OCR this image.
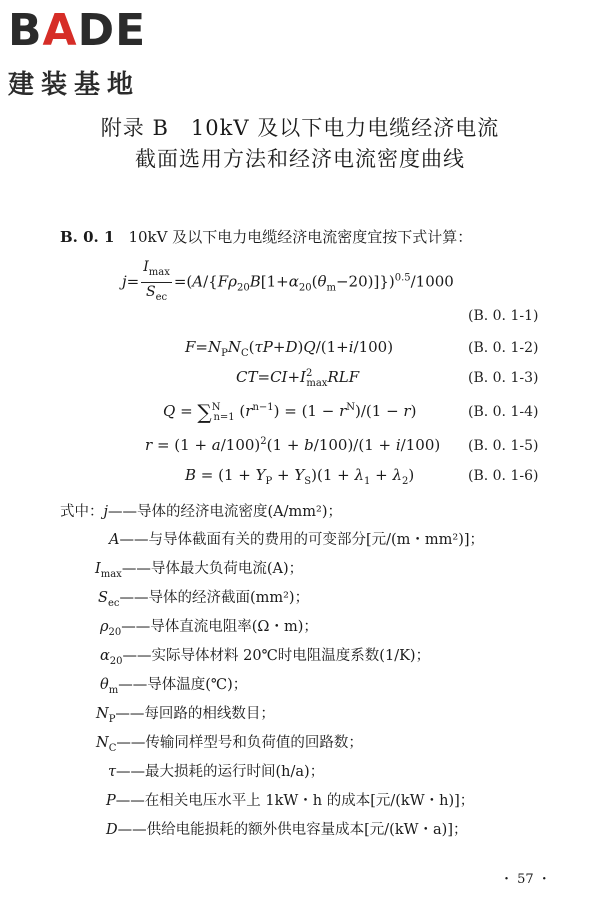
BADE
建装基地
附录 B　10kV 及以下电力电缆经济电流
截面选用方法和经济电流密度曲线
B. 0. 1 10kV 及以下电力电缆经济电流密度宜按下式计算：
$j= \frac{I_{max}}{S_{ec}} =(A/\{F\rho_{20}B[1+\alpha_{20}(\theta_m-20)]\})^{0.5}/1000$
(B. 0. 1-1)
$F=N_PN_C(\tau P+D)Q/(1+i/100)$	(B. 0. 1-2)
$CT=CI+I^2_{max}RLF$	(B. 0. 1-3)
Q = ∑$^N_{n=1}$ $(r^{n-1}) = (1 - r^N)/(1 - r)$	(B. 0. 1-4)
$r = (1 + a/100)^2(1 + b/100)/(1 + i/100)$ (B. 0. 1-5)
$B = (1 + Y_P + Y_S)(1 + \lambda_1 + \lambda_2)$	(B. 0. 1-6)
式中：j——导体的经济电流密度(A/mm²)；
A——与导体截面有关的费用的可变部分[元/(m・mm²)]；
$I_{max}——$导体最大负荷电流(A)；
$S_{ec}——$导体的经济截面(mm²)；
$\rho_{20}——$导体直流电阻率(Ω・m)；
$\alpha_{20}——$实际导体材料 20℃时电阻温度系数(1/K)；
$\theta_m——$导体温度(℃)；
$N_P——$每回路的相线数目；
$N_C——$传输同样型号和负荷值的回路数；
τ——最大损耗的运行时间(h/a)；
P——在相关电压水平上 1kW・h 的成本[元/(kW・h)]；
D——供给电能损耗的额外供电容量成本[元/(kW・a)]；
・ 57 ・
